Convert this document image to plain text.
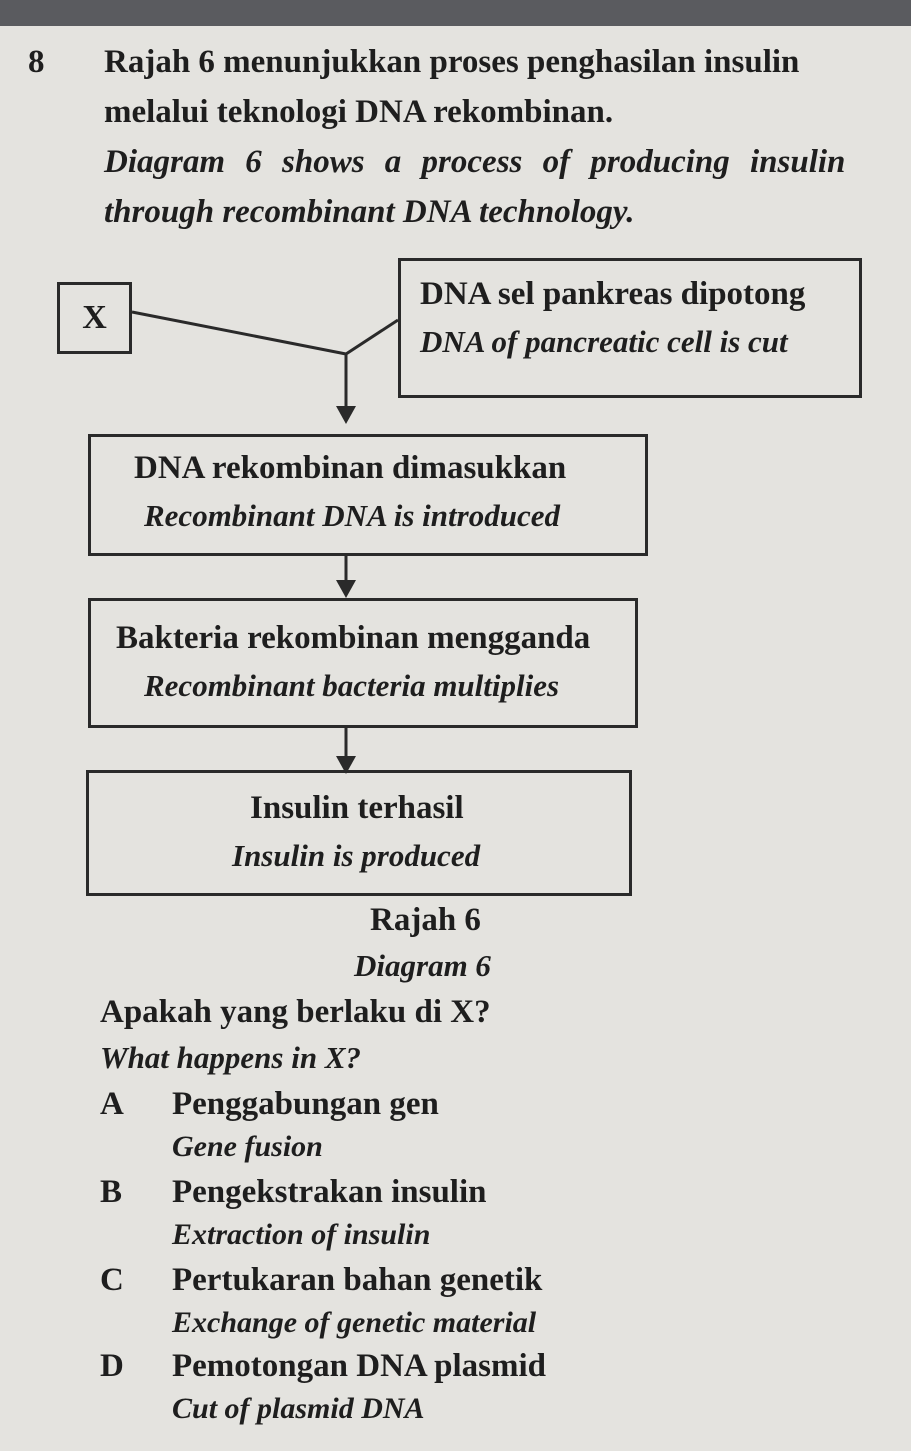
8 Rajah 6 menunjukkan proses penghasilan insulin
melalui teknologi DNA rekombinan.
Diagram 6 shows a process of producing insulin
through recombinant DNA technology.
X
DNA sel pankreas dipotong
DNA of pancreatic cell is cut
DNA rekombinan dimasukkan
Recombinant DNA is introduced
Bakteria rekombinan mengganda
Recombinant bacteria multiplies
Insulin terhasil
Insulin is produced
Rajah 6
Diagram 6
Apakah yang berlaku di X?
What happens in X?
A Penggabungan gen
Gene fusion
B Pengekstrakan insulin
Extraction of insulin
C Pertukaran bahan genetik
Exchange of genetic material
D Pemotongan DNA plasmid
Cut of plasmid DNA
